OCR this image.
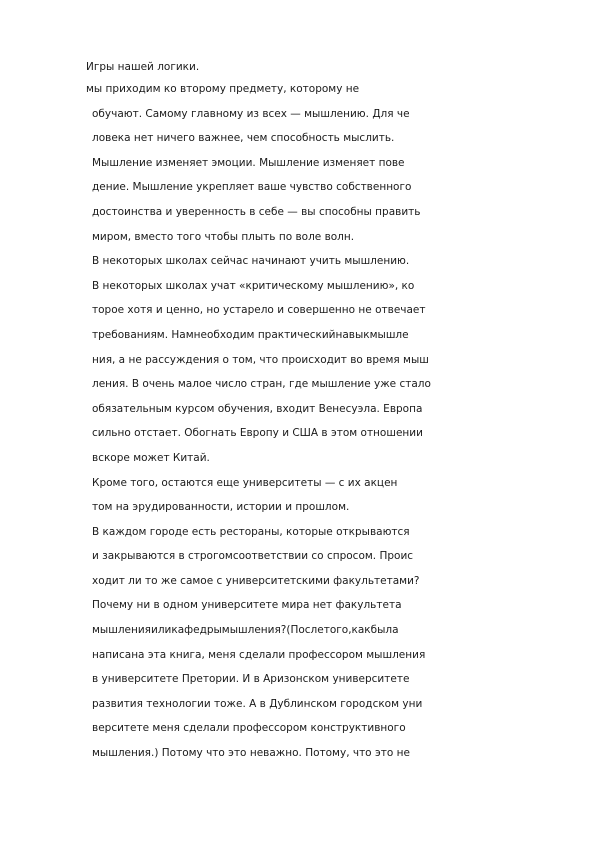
Игры нашей логики.
мы приходим ко второму предмету, которому не
обучают. Самому главному из всех — мышлению. Для че
ловека нет ничего важнее, чем способность мыслить.
Мышление изменяет эмоции. Мышление изменяет пове
дение. Мышление укрепляет ваше чувство собственного
достоинства и уверенность в себе — вы способны править
миром, вместо того чтобы плыть по воле волн.
В некоторых школах сейчас начинают учить мышлению.
В некоторых школах учат «критическому мышлению», ко
торое хотя и ценно, но устарело и совершенно не отвечает
требованиям. Намнеобходим практическийнавыкмышле
ния, а не рассуждения о том, что происходит во время мыш
ления. В очень малое число стран, где мышление уже стало
обязательным курсом обучения, входит Венесуэла. Европа
сильно отстает. Обогнать Европу и США в этом отношении
вскоре может Китай.
Кроме того, остаются еще университеты — с их акцен
том на эрудированности, истории и прошлом.
В каждом городе есть рестораны, которые открываются
и закрываются в строгомсоответствии со спросом. Проис
ходит ли то же самое с университетскими факультетами?
Почему ни в одном университете мира нет факультета
мышленияиликафедрымышления?(Послетого,какбыла
написана эта книга, меня сделали профессором мышления
в университете Претории. И в Аризонском университете
развития технологии тоже. А в Дублинском городском уни
верситете меня сделали профессором конструктивного
мышления.) Потому что это неважно. Потому, что это не
